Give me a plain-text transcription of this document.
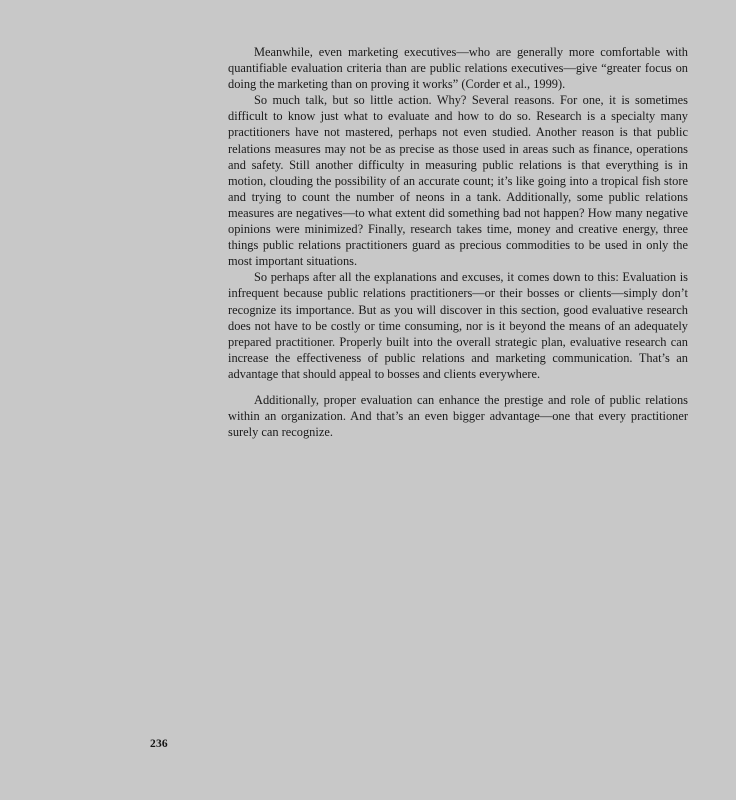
Meanwhile, even marketing executives—who are generally more comfortable with quantifiable evaluation criteria than are public relations executives—give “greater focus on doing the marketing than on proving it works” (Corder et al., 1999).

So much talk, but so little action. Why? Several reasons. For one, it is sometimes difficult to know just what to evaluate and how to do so. Research is a specialty many practitioners have not mastered, perhaps not even studied. Another reason is that public relations measures may not be as precise as those used in areas such as finance, operations and safety. Still another difficulty in measuring public relations is that everything is in motion, clouding the possibility of an accurate count; it’s like going into a tropical fish store and trying to count the number of neons in a tank. Additionally, some public relations measures are negatives—to what extent did something bad not happen? How many negative opinions were minimized? Finally, research takes time, money and creative energy, three things public relations practitioners guard as precious commodities to be used in only the most important situations.

So perhaps after all the explanations and excuses, it comes down to this: Evaluation is infrequent because public relations practitioners—or their bosses or clients—simply don’t recognize its importance. But as you will discover in this section, good evaluative research does not have to be costly or time consuming, nor is it beyond the means of an adequately prepared practitioner. Properly built into the overall strategic plan, evaluative research can increase the effectiveness of public relations and marketing communication. That’s an advantage that should appeal to bosses and clients everywhere.

Additionally, proper evaluation can enhance the prestige and role of public relations within an organization. And that’s an even bigger advantage—one that every practitioner surely can recognize.

236
